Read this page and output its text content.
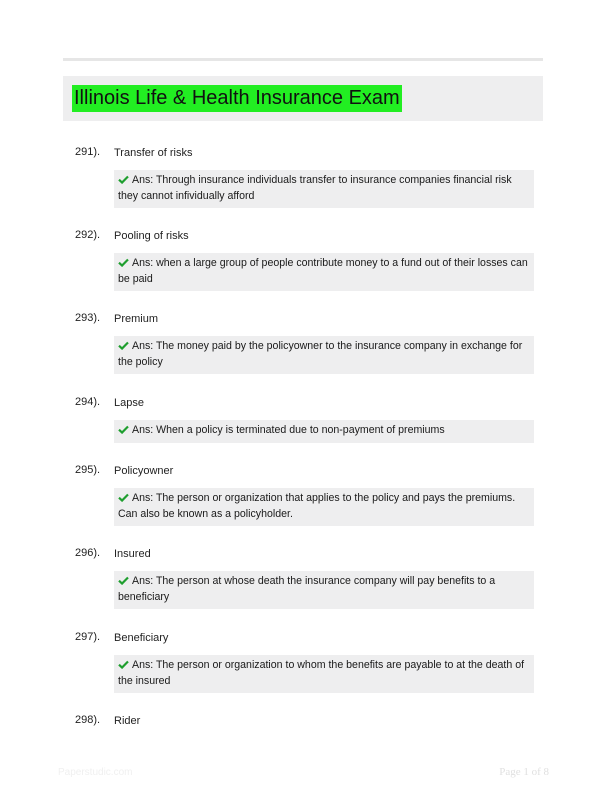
Illinois Life & Health Insurance Exam
291). Transfer of risks
Ans: Through insurance individuals transfer to insurance companies financial risk they cannot infividually afford
292). Pooling of risks
Ans: when a large group of people contribute money to a fund out of their losses can be paid
293). Premium
Ans: The money paid by the policyowner to the insurance company in exchange for the policy
294). Lapse
Ans: When a policy is terminated due to non-payment of premiums
295). Policyowner
Ans: The person or organization that applies to the policy and pays the premiums. Can also be known as a policyholder.
296). Insured
Ans: The person at whose death the insurance company will pay benefits to a beneficiary
297). Beneficiary
Ans: The person or organization to whom the benefits are payable to at the death of the insured
298). Rider
Paperstudic.com	Page 1 of 8
